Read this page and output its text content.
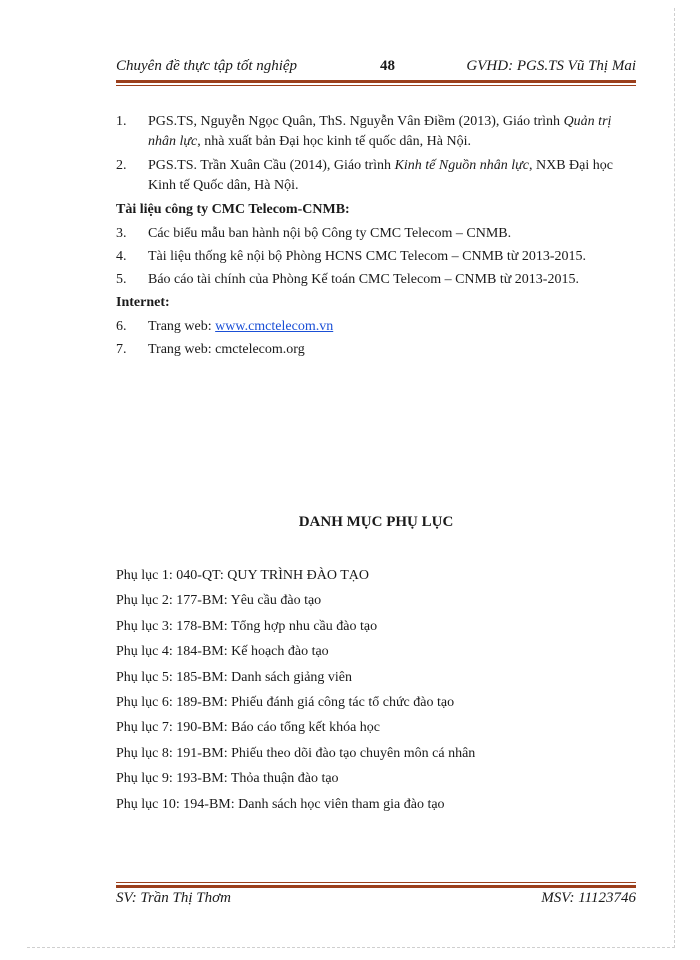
Chuyên đề thực tập tốt nghiệp	48	GVHD: PGS.TS Vũ Thị Mai
1. PGS.TS, Nguyễn Ngọc Quân, ThS. Nguyễn Vân Điềm (2013), Giáo trình Quản trị nhân lực, nhà xuất bản Đại học kinh tế quốc dân, Hà Nội.
2. PGS.TS. Trần Xuân Cầu (2014), Giáo trình Kinh tế Nguồn nhân lực, NXB Đại học Kinh tế Quốc dân, Hà Nội.
Tài liệu công ty CMC Telecom-CNMB:
3. Các biểu mẫu ban hành nội bộ Công ty CMC Telecom – CNMB.
4. Tài liệu thống kê nội bộ Phòng HCNS CMC Telecom – CNMB từ 2013-2015.
5. Báo cáo tài chính của Phòng Kế toán CMC Telecom – CNMB từ 2013-2015.
Internet:
6. Trang web: www.cmctelecom.vn
7. Trang web: cmctelecom.org
DANH MỤC PHỤ LỤC
Phụ lục 1: 040-QT: QUY TRÌNH ĐÀO TẠO
Phụ lục 2: 177-BM: Yêu cầu đào tạo
Phụ lục 3: 178-BM: Tổng hợp nhu cầu đào tạo
Phụ lục 4: 184-BM: Kế hoạch đào tạo
Phụ lục 5: 185-BM: Danh sách giảng viên
Phụ lục 6: 189-BM: Phiếu đánh giá công tác tổ chức đào tạo
Phụ lục 7: 190-BM: Báo cáo tổng kết khóa học
Phụ lục 8: 191-BM: Phiếu theo dõi đào tạo chuyên môn cá nhân
Phụ lục 9: 193-BM: Thỏa thuận đào tạo
Phụ lục 10: 194-BM: Danh sách học viên tham gia đào tạo
SV: Trần Thị Thơm	MSV: 11123746
